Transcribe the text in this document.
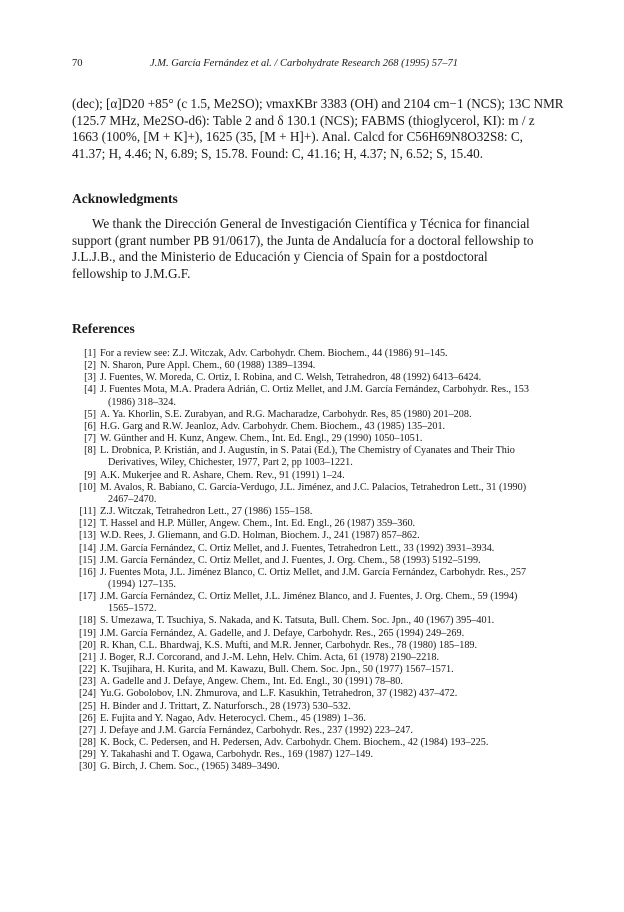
70	J.M. García Fernández et al. / Carbohydrate Research 268 (1995) 57–71
(dec); [α]D20 +85° (c 1.5, Me2SO); νmaxKBr 3383 (OH) and 2104 cm−1 (NCS); 13C NMR
(125.7 MHz, Me2SO-d6): Table 2 and δ 130.1 (NCS); FABMS (thioglycerol, KI): m / z
1663 (100%, [M + K]+), 1625 (35, [M + H]+). Anal. Calcd for C56H69N8O32S8: C,
41.37; H, 4.46; N, 6.89; S, 15.78. Found: C, 41.16; H, 4.37; N, 6.52; S, 15.40.
Acknowledgments
We thank the Dirección General de Investigación Científica y Técnica for financial
support (grant number PB 91/0617), the Junta de Andalucía for a doctoral fellowship to
J.L.J.B., and the Ministerio de Educación y Ciencia of Spain for a postdoctoral
fellowship to J.M.G.F.
References
[1] For a review see: Z.J. Witczak, Adv. Carbohydr. Chem. Biochem., 44 (1986) 91–145.
[2] N. Sharon, Pure Appl. Chem., 60 (1988) 1389–1394.
[3] J. Fuentes, W. Moreda, C. Ortiz, I. Robina, and C. Welsh, Tetrahedron, 48 (1992) 6413–6424.
[4] J. Fuentes Mota, M.A. Pradera Adrián, C. Ortiz Mellet, and J.M. García Fernández, Carbohydr. Res., 153
(1986) 318–324.
[5] A. Ya. Khorlin, S.E. Zurabyan, and R.G. Macharadze, Carbohydr. Res, 85 (1980) 201–208.
[6] H.G. Garg and R.W. Jeanloz, Adv. Carbohydr. Chem. Biochem., 43 (1985) 135–201.
[7] W. Günther and H. Kunz, Angew. Chem., Int. Ed. Engl., 29 (1990) 1050–1051.
[8] L. Drobnica, P. Kristián, and J. Augustín, in S. Patai (Ed.), The Chemistry of Cyanates and Their Thio
Derivatives, Wiley, Chichester, 1977, Part 2, pp 1003–1221.
[9] A.K. Mukerjee and R. Ashare, Chem. Rev., 91 (1991) 1–24.
[10] M. Avalos, R. Babiano, C. García-Verdugo, J.L. Jiménez, and J.C. Palacios, Tetrahedron Lett., 31 (1990)
2467–2470.
[11] Z.J. Witczak, Tetrahedron Lett., 27 (1986) 155–158.
[12] T. Hassel and H.P. Müller, Angew. Chem., Int. Ed. Engl., 26 (1987) 359–360.
[13] W.D. Rees, J. Gliemann, and G.D. Holman, Biochem. J., 241 (1987) 857–862.
[14] J.M. García Fernández, C. Ortiz Mellet, and J. Fuentes, Tetrahedron Lett., 33 (1992) 3931–3934.
[15] J.M. García Fernández, C. Ortiz Mellet, and J. Fuentes, J. Org. Chem., 58 (1993) 5192–5199.
[16] J. Fuentes Mota, J.L. Jiménez Blanco, C. Ortiz Mellet, and J.M. García Fernández, Carbohydr. Res., 257
(1994) 127–135.
[17] J.M. García Fernández, C. Ortiz Mellet, J.L. Jiménez Blanco, and J. Fuentes, J. Org. Chem., 59 (1994)
1565–1572.
[18] S. Umezawa, T. Tsuchiya, S. Nakada, and K. Tatsuta, Bull. Chem. Soc. Jpn., 40 (1967) 395–401.
[19] J.M. García Fernández, A. Gadelle, and J. Defaye, Carbohydr. Res., 265 (1994) 249–269.
[20] R. Khan, C.L. Bhardwaj, K.S. Mufti, and M.R. Jenner, Carbohydr. Res., 78 (1980) 185–189.
[21] J. Boger, R.J. Corcorand, and J.-M. Lehn, Helv. Chim. Acta, 61 (1978) 2190–2218.
[22] K. Tsujihara, H. Kurita, and M. Kawazu, Bull. Chem. Soc. Jpn., 50 (1977) 1567–1571.
[23] A. Gadelle and J. Defaye, Angew. Chem., Int. Ed. Engl., 30 (1991) 78–80.
[24] Yu.G. Gobolobov, I.N. Zhmurova, and L.F. Kasukhin, Tetrahedron, 37 (1982) 437–472.
[25] H. Binder and J. Trittart, Z. Naturforsch., 28 (1973) 530–532.
[26] E. Fujita and Y. Nagao, Adv. Heterocycl. Chem., 45 (1989) 1–36.
[27] J. Defaye and J.M. García Fernández, Carbohydr. Res., 237 (1992) 223–247.
[28] K. Bock, C. Pedersen, and H. Pedersen, Adv. Carbohydr. Chem. Biochem., 42 (1984) 193–225.
[29] Y. Takahashi and T. Ogawa, Carbohydr. Res., 169 (1987) 127–149.
[30] G. Birch, J. Chem. Soc., (1965) 3489–3490.
